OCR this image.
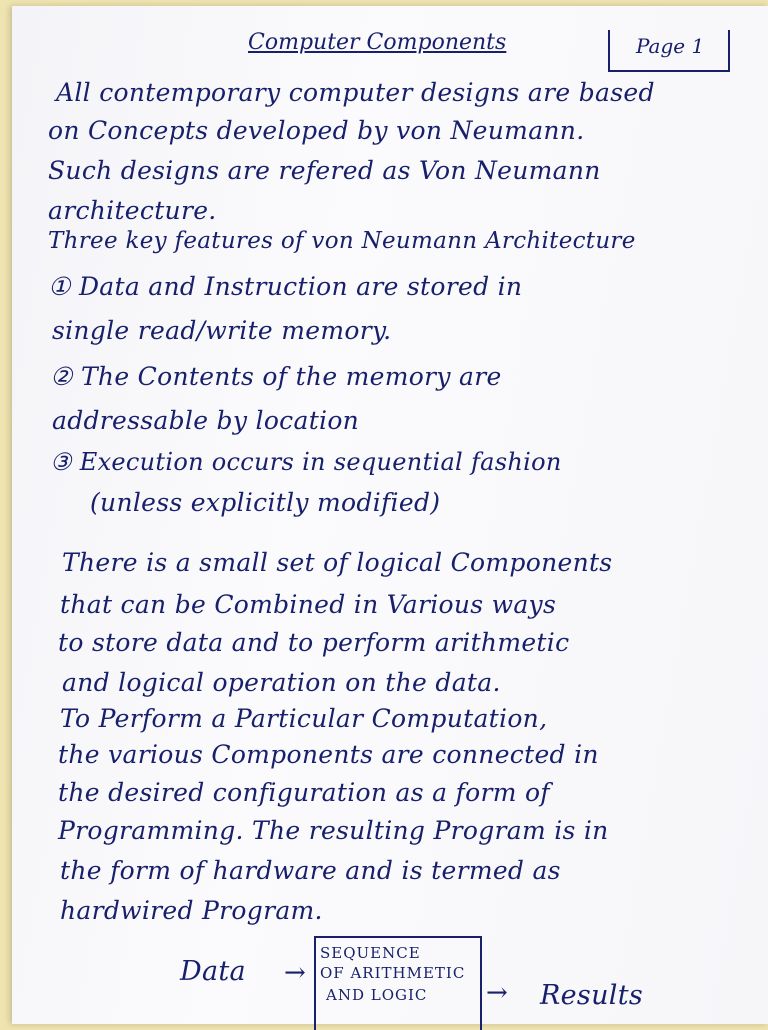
Computer Components	Page 1
All contemporary computer designs are based
on Concepts developed by von Neumann.
Such designs are refered as Von Neumann
architecture.
Three key features of von Neumann Architecture
① Data and Instruction are stored in
single read/write memory.
② The Contents of the memory are
addressable by location
③ Execution occurs in sequential fashion
(unless explicitly modified)
There is a small set of logical Components
that can be Combined in Various ways
to store data and to perform arithmetic
and logical operation on the data.
To Perform a Particular Computation,
the various Components are connected in
the desired configuration as a form of
Programming. The resulting Program is in
the form of hardware and is termed as
hardwired Program.
Data →
SEQUENCE
OF ARITHMETIC
AND LOGIC → Results
